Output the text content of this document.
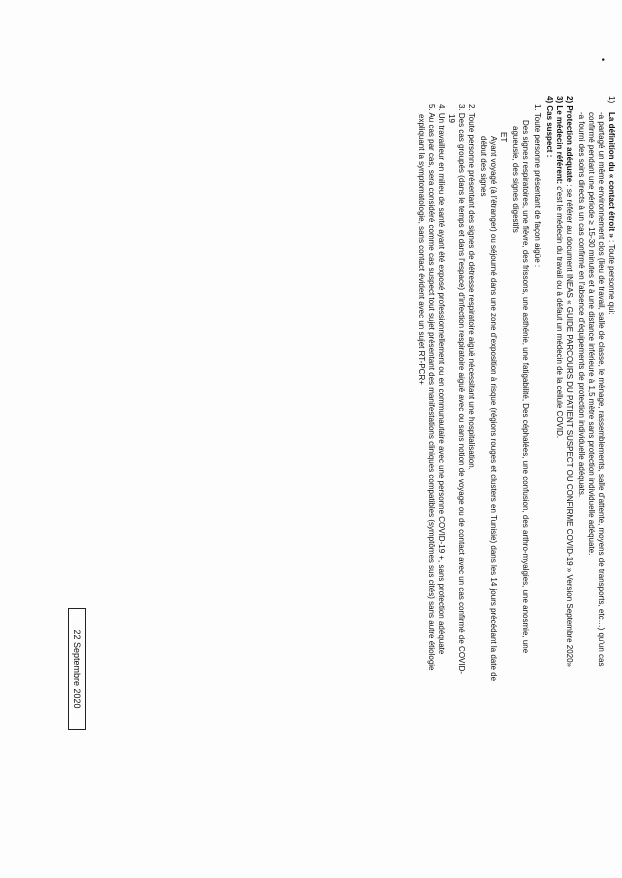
•
1)    La définition du « contact étroit » : Toute personne qui:
-a partagé un même environnement clos (lieu de travail, salle de classe, le ménage, rassemblements, salle d'attente, moyens de transports, etc…) qu'un cas
confirmé pendant une période ≥ 15-30 minutes et à une distance inférieure à 1,5 mètre sans protection individuelle adéquate.
-a fourni des soins directs à un cas confirmé en l'absence d'équipements de protection individuelle adéquats.
2) Protection adéquate : se référer au document INEAS « GUIDE PARCOURS DU PATIENT SUSPECT OU CONFIRME COVID-19 » Version Septembre 2020»
3) Le médecin référent: c'est le médecin du travail ou à défaut un médecin de la cellule COVID.
4) Cas suspect :
1. Toute personne présentant de façon aigüe :
Des signes respiratoires, une fièvre, des frissons, une asthénie, une fatigabilité, Des céphalées, une confusion, des arthro-myalgies, une anosmie, une
agueusie, des signes digestifs
ET
Ayant voyagé (à l'étranger) ou séjourné dans une zone d'exposition à risque (régions rouges et clusters en Tunisie) dans les 14 jours précédant la date de
début des signes
2. Toute personne présentant des signes de détresse respiratoire aiguë nécessitant une hospitalisation.
3. Des cas groupés (dans le temps et dans l'espace) d'infection respiratoire aiguë avec ou sans notion de voyage ou de contact avec un cas confirmé de COVID-
19
4. Un travailleur en milieu de santé ayant été exposé professionnellement ou en communautaire avec une personne COVID-19 +, sans protection adéquate
5. Au cas par cas, sera considéré comme cas suspect tout sujet présentant des manifestations cliniques compatibles (symptômes sus cités) sans autre étiologie
expliquant la symptomatologie, sans contact évident avec un sujet RT-PCR+
22 Septembre 2020
